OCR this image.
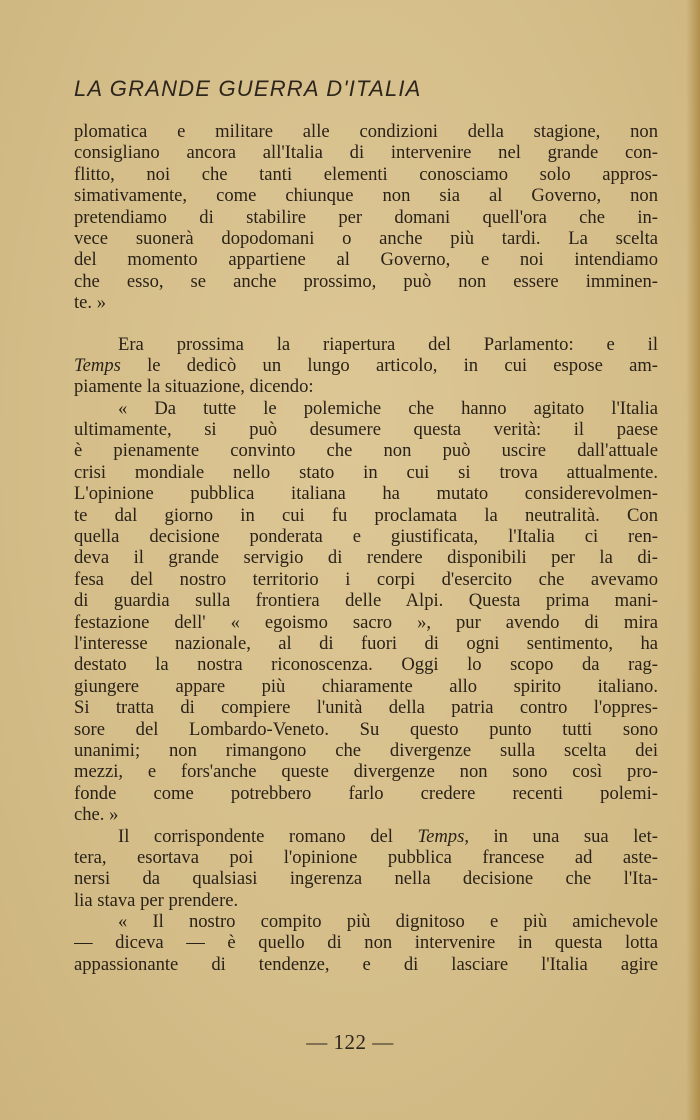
LA GRANDE GUERRA D'ITALIA
plomatica e militare alle condizioni della stagione, non
consigliano ancora all'Italia di intervenire nel grande con-
flitto, noi che tanti elementi conosciamo solo appros-
simativamente, come chiunque non sia al Governo, non
pretendiamo di stabilire per domani quell'ora che in-
vece suonerà dopodomani o anche più tardi. La scelta
del momento appartiene al Governo, e noi intendiamo
che esso, se anche prossimo, può non essere imminen-
te. »
Era prossima la riapertura del Parlamento: e il
Temps le dedicò un lungo articolo, in cui espose am-
piamente la situazione, dicendo:
« Da tutte le polemiche che hanno agitato l'Italia
ultimamente, si può desumere questa verità: il paese
è pienamente convinto che non può uscire dall'attuale
crisi mondiale nello stato in cui si trova attualmente.
L'opinione pubblica italiana ha mutato considerevolmen-
te dal giorno in cui fu proclamata la neutralità. Con
quella decisione ponderata e giustificata, l'Italia ci ren-
deva il grande servigio di rendere disponibili per la di-
fesa del nostro territorio i corpi d'esercito che avevamo
di guardia sulla frontiera delle Alpi. Questa prima mani-
festazione dell' « egoismo sacro », pur avendo di mira
l'interesse nazionale, al di fuori di ogni sentimento, ha
destato la nostra riconoscenza. Oggi lo scopo da rag-
giungere appare più chiaramente allo spirito italiano.
Si tratta di compiere l'unità della patria contro l'oppres-
sore del Lombardo-Veneto. Su questo punto tutti sono
unanimi; non rimangono che divergenze sulla scelta dei
mezzi, e fors'anche queste divergenze non sono così pro-
fonde come potrebbero farlo credere recenti polemi-
che. »
Il corrispondente romano del Temps, in una sua let-
tera, esortava poi l'opinione pubblica francese ad aste-
nersi da qualsiasi ingerenza nella decisione che l'Ita-
lia stava per prendere.
« Il nostro compito più dignitoso e più amichevole
— diceva — è quello di non intervenire in questa lotta
appassionante di tendenze, e di lasciare l'Italia agire
— 122 —
